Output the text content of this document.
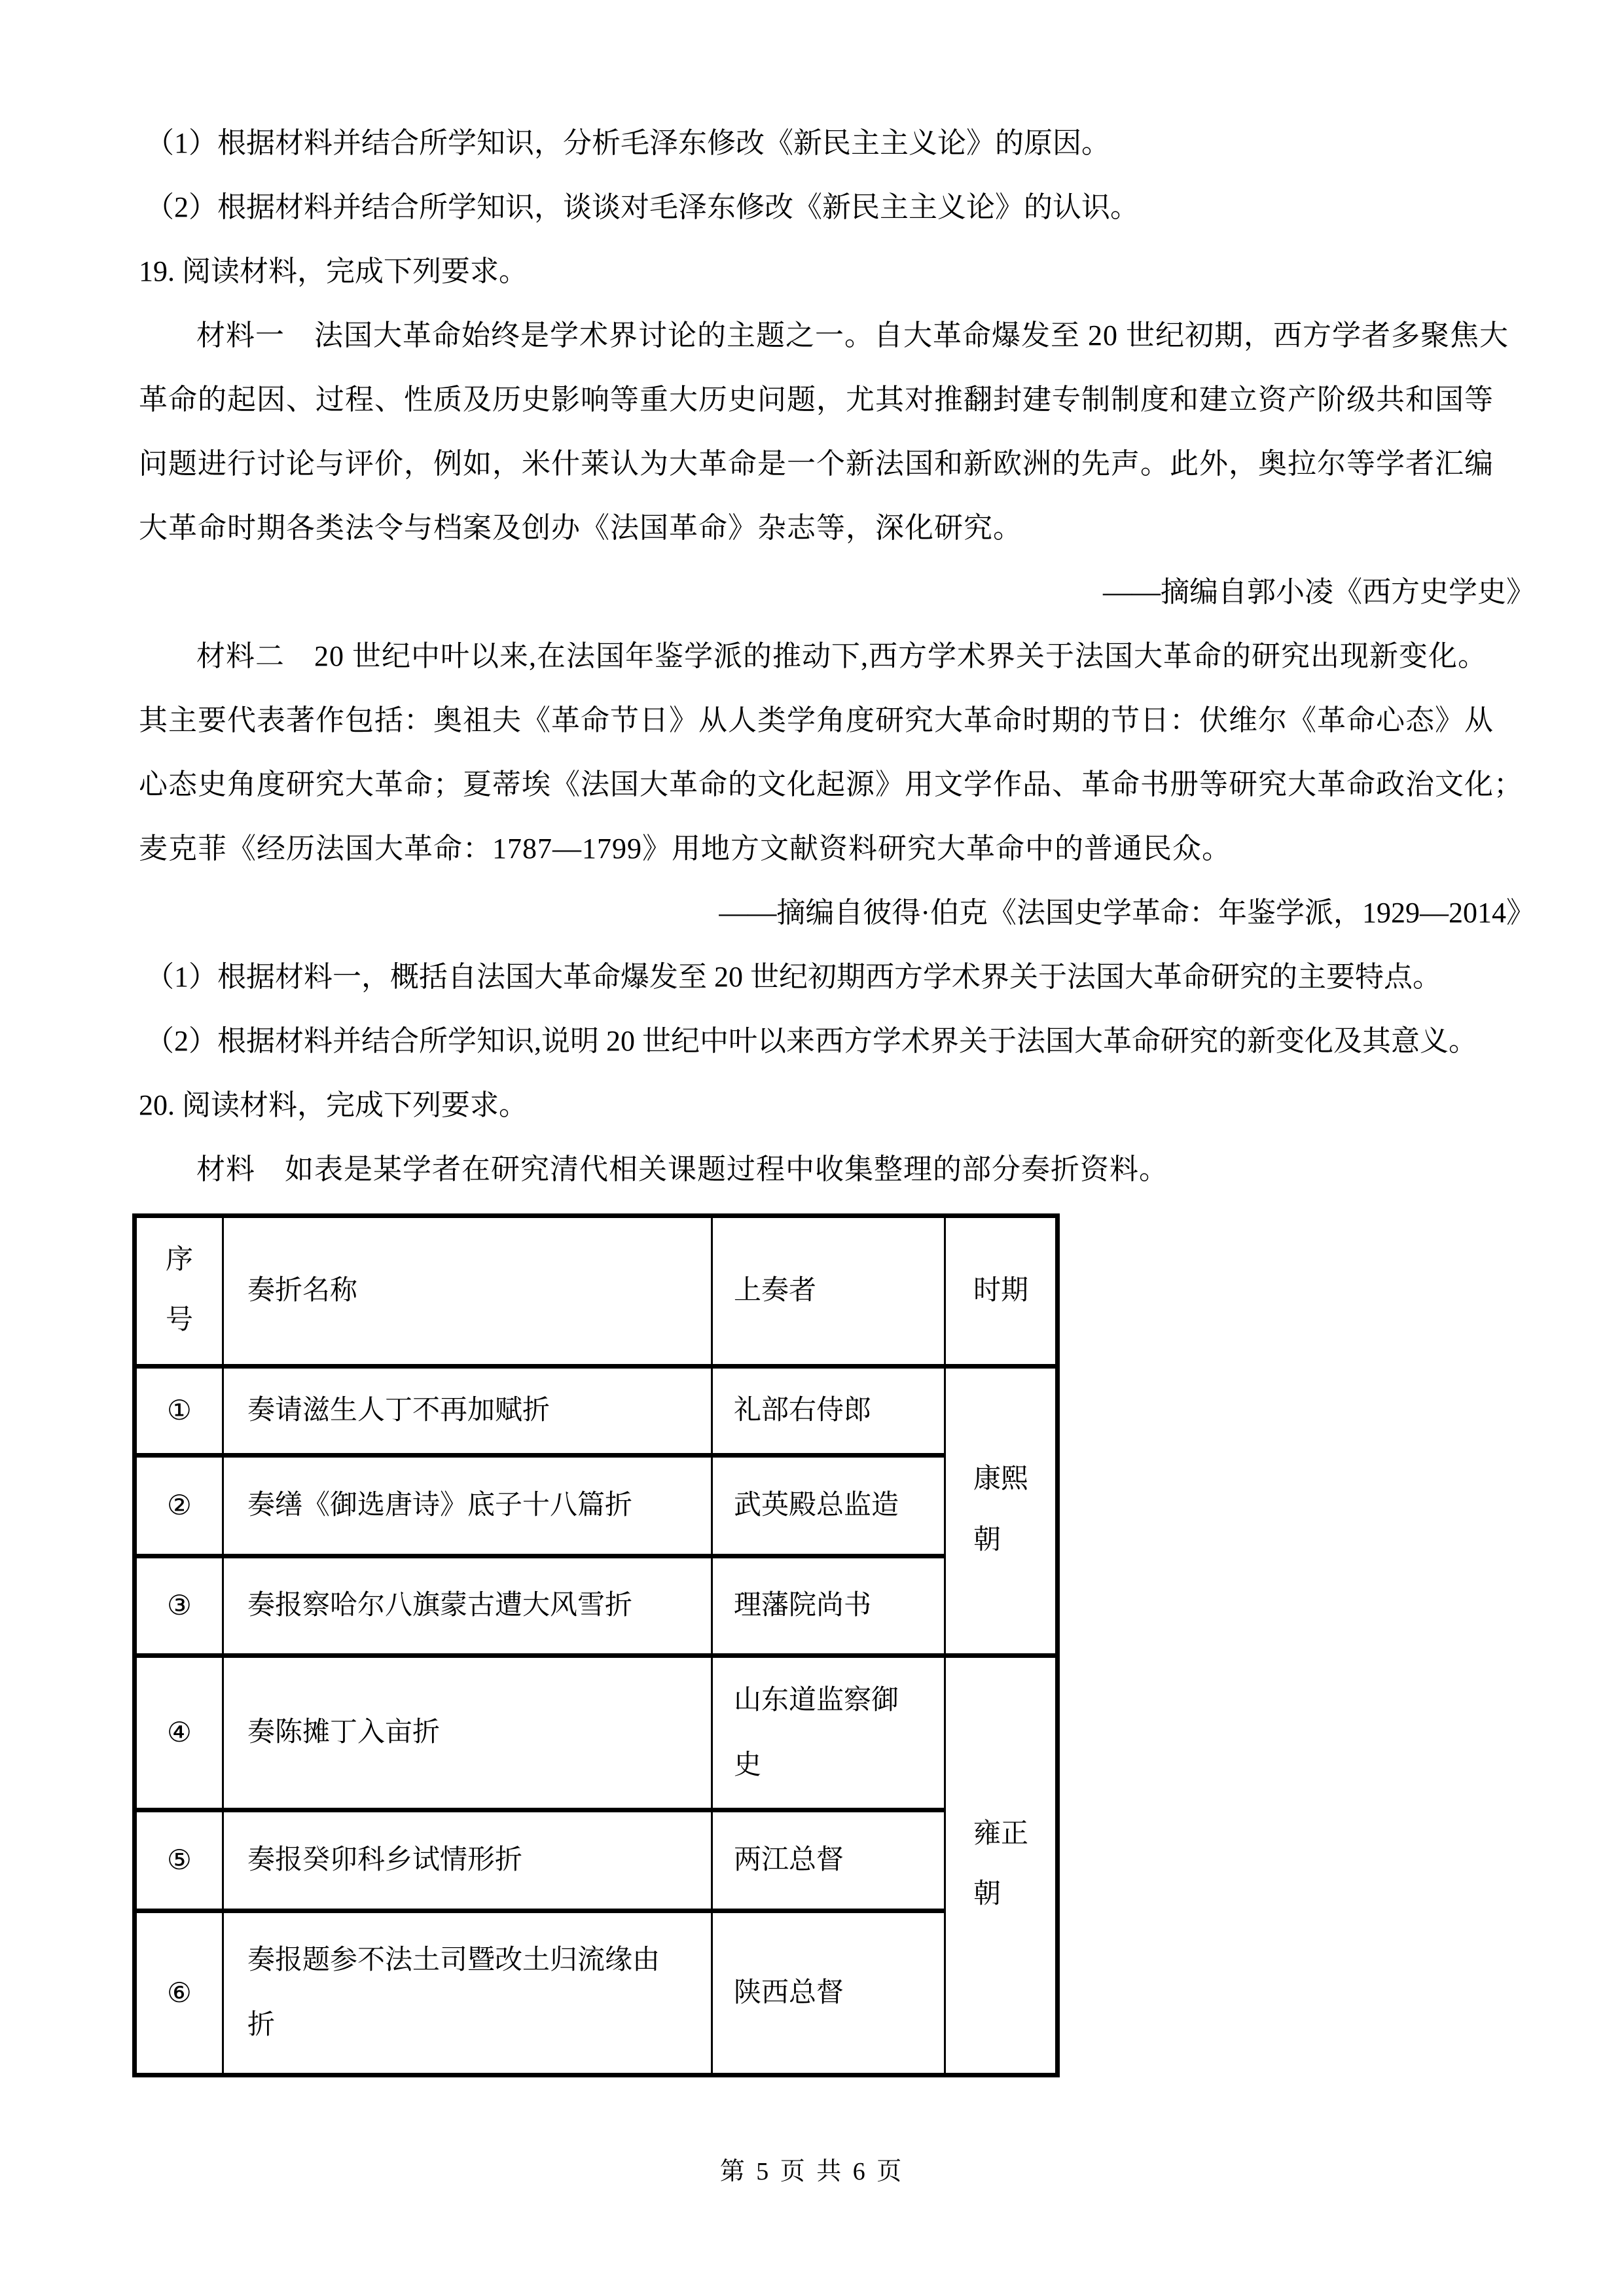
（1）根据材料并结合所学知识，分析毛泽东修改《新民主主义论》的原因。

（2）根据材料并结合所学知识，谈谈对毛泽东修改《新民主主义论》的认识。

19. 阅读材料，完成下列要求。

材料一　法国大革命始终是学术界讨论的主题之一。自大革命爆发至 20 世纪初期，西方学者多聚焦大

革命的起因、过程、性质及历史影响等重大历史问题，尤其对推翻封建专制制度和建立资产阶级共和国等

问题进行讨论与评价，例如，米什莱认为大革命是一个新法国和新欧洲的先声。此外，奥拉尔等学者汇编

大革命时期各类法令与档案及创办《法国革命》杂志等，深化研究。

——摘编自郭小凌《西方史学史》

材料二　20 世纪中叶以来,在法国年鉴学派的推动下,西方学术界关于法国大革命的研究出现新变化。

其主要代表著作包括：奥祖夫《革命节日》从人类学角度研究大革命时期的节日：伏维尔《革命心态》从

心态史角度研究大革命；夏蒂埃《法国大革命的文化起源》用文学作品、革命书册等研究大革命政治文化；

麦克菲《经历法国大革命：1787—1799》用地方文献资料研究大革命中的普通民众。

——摘编自彼得·伯克《法国史学革命：年鉴学派，1929—2014》

（1）根据材料一，概括自法国大革命爆发至 20 世纪初期西方学术界关于法国大革命研究的主要特点。

（2）根据材料并结合所学知识,说明 20 世纪中叶以来西方学术界关于法国大革命研究的新变化及其意义。

20. 阅读材料，完成下列要求。

材料　如表是某学者在研究清代相关课题过程中收集整理的部分奏折资料。

序号	奏折名称	上奏者	时期
①	奏请滋生人丁不再加赋折	礼部右侍郎	康熙朝
②	奏缮《御选唐诗》底子十八篇折	武英殿总监造	
③	奏报察哈尔八旗蒙古遭大风雪折	理藩院尚书	
④	奏陈摊丁入亩折	山东道监察御史	雍正朝
⑤	奏报癸卯科乡试情形折	两江总督	
⑥	奏报题参不法土司暨改土归流缘由折	陕西总督	
第 5 页 共 6 页
